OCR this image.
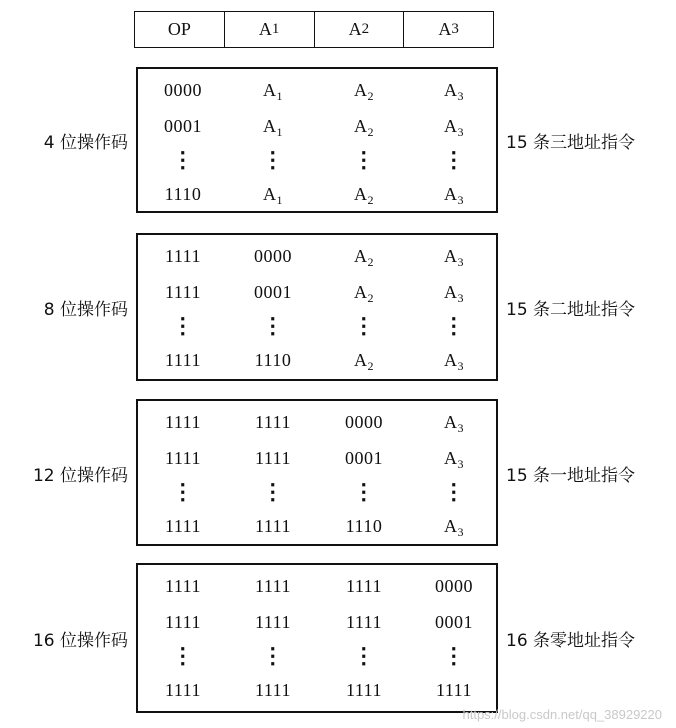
OP	A 1	A 2	A 3
4 位操作码
0000	$A_1$	$A_2$	$A_3$
0001	$A_1$	$A_2$	$A_3$
⋮	⋮	⋮	⋮
1110	$A_1$	$A_2$	$A_3$
15 条三地址指令
8 位操作码
1111	0000	$A_2$	$A_3$
1111	0001	$A_2$	$A_3$
⋮	⋮	⋮	⋮
1111	1110	$A_2$	$A_3$
15 条二地址指令
12 位操作码
1111	1111	0000	$A_3$
1111	1111	0001	$A_3$
⋮	⋮	⋮	⋮
1111	1111	1110	$A_3$
15 条一地址指令
16 位操作码
1111	1111	1111	0000
1111	1111	1111	0001
⋮	⋮	⋮	⋮
1111	1111	1111	1111
16 条零地址指令
https://blog.csdn.net/qq_38929220
